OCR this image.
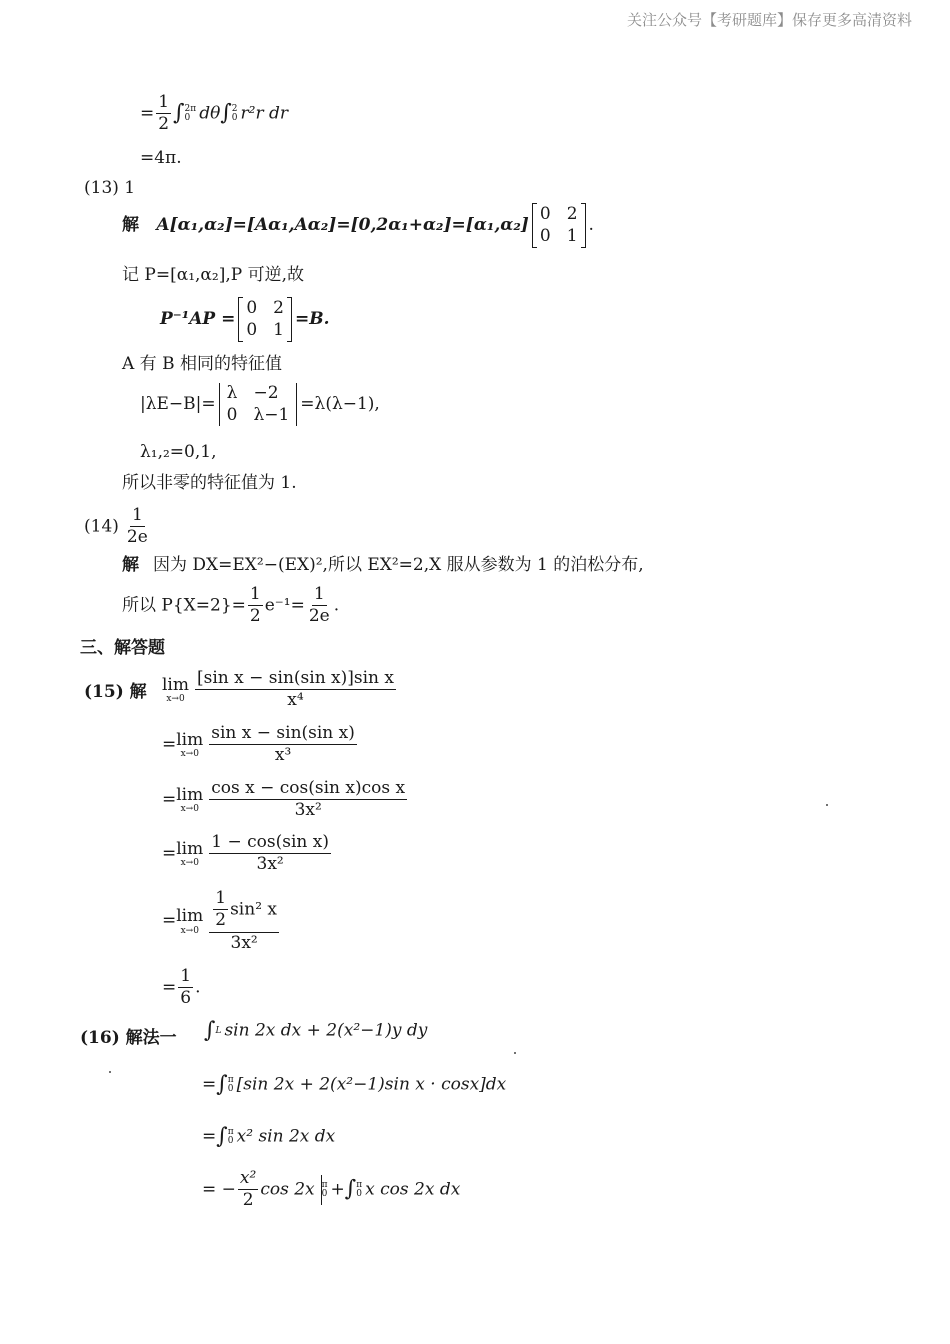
关注公众号【考研题库】保存更多高清资料
= $\frac{1}{2}$ ∫ 2π
0 dθ∫ 2
0 r²r dr
=4π.
(13) 1
解 A[α₁,α₂]=[Aα₁,Aα₂]=[0,2α₁+α₂]=[α₁,α₂]
0 2
0 1
.
记 P=[α₁,α₂],P 可逆,故
P⁻¹AP =
0 2
0 1
=B.
A 有 B 相同的特征值
|λE−B|=
λ −2
0 λ−1
=λ(λ−1),
λ₁,₂=0,1,
所以非零的特征值为 1.
$(14) \frac{1}{2e}$
解 因为 DX=EX²−(EX)²,所以 EX²=2,X 服从参数为 1 的泊松分布,
所以 $P\{X=2\}= \frac{1}{2} e^{-1}= \frac{1}{2e}$ .
三、解答题
(15) 解 lim
$x\to 0 \frac{\text{[sin x − sin(sin x)]sin x}}{\text{x⁴}}$
= lim
$x\to 0 \frac{\text{sin x − sin(sin x)}}{\text{x³}}$
= lim
$x\to 0 \frac{\text{cos x − cos(sin x)cos x}}{\text{3x²}}$
= lim
$x\to 0 \frac{\text{1 − cos(sin x)}}{\text{3x²}}$
= lim
$x\to 0 \frac{\frac{1}{2} \sin^2 x}{\text{3x²}}$
= $\frac{1}{6}$ .
(16) 解法一 ∫ L sin 2x dx + 2(x²−1)y dy
=∫ π
0 [sin 2x + 2(x²−1)sin x · cosx]dx
=∫ π
0 x² sin 2x dx
= − $\frac{\text{x²}}{2}$ cos 2x π
0 +∫ π
0 x cos 2x dx
